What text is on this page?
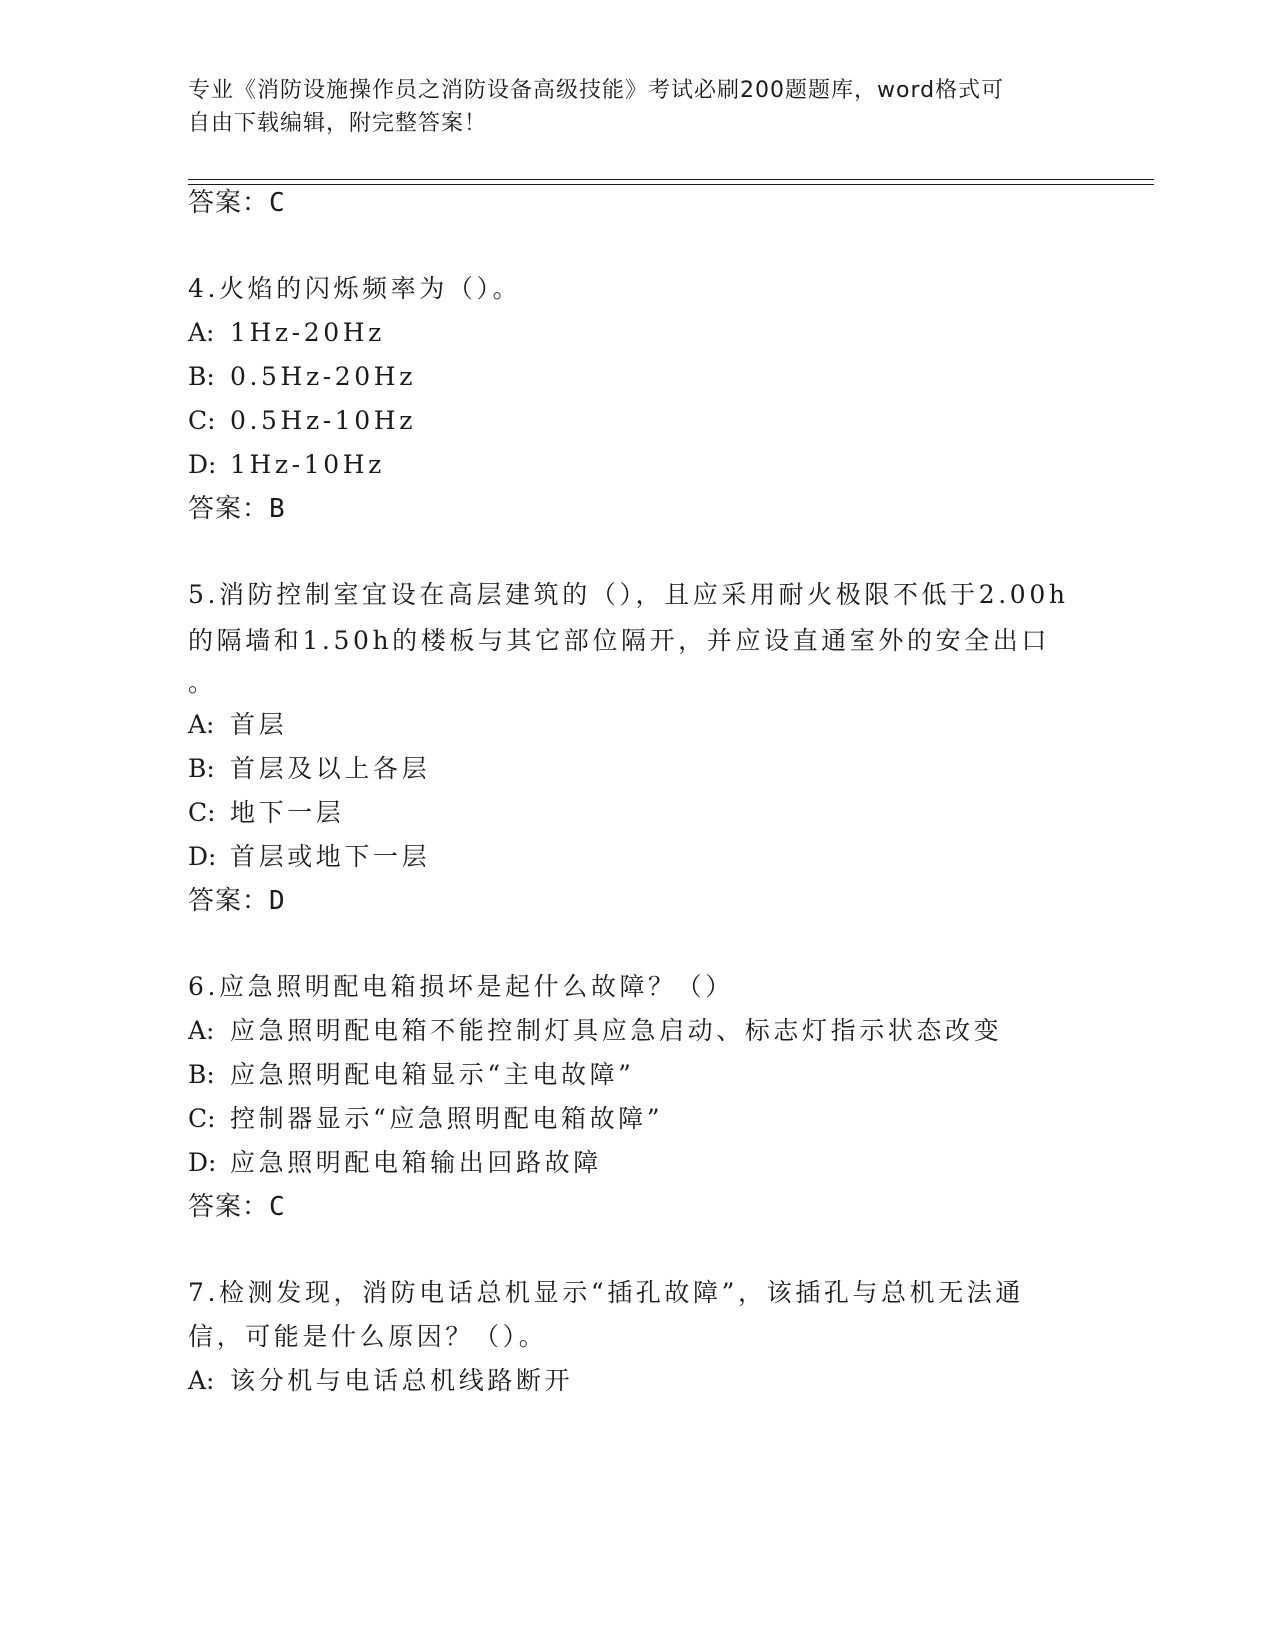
专业《消防设施操作员之消防设备高级技能》考试必刷200题题库，word格式可
自由下载编辑，附完整答案！
答案：C
4.火焰的闪烁频率为（）。
A: 1Hz-20Hz
B: 0.5Hz-20Hz
C: 0.5Hz-10Hz
D: 1Hz-10Hz
答案：B
5.消防控制室宜设在高层建筑的（），且应采用耐火极限不低于2.00h
的隔墙和1.50h的楼板与其它部位隔开，并应设直通室外的安全出口
。
A: 首层
B: 首层及以上各层
C: 地下一层
D: 首层或地下一层
答案：D
6.应急照明配电箱损坏是起什么故障？（）
A: 应急照明配电箱不能控制灯具应急启动、标志灯指示状态改变
B: 应急照明配电箱显示“主电故障”
C: 控制器显示“应急照明配电箱故障”
D: 应急照明配电箱输出回路故障
答案：C
7.检测发现，消防电话总机显示“插孔故障”，该插孔与总机无法通
信，可能是什么原因？（）。
A: 该分机与电话总机线路断开
